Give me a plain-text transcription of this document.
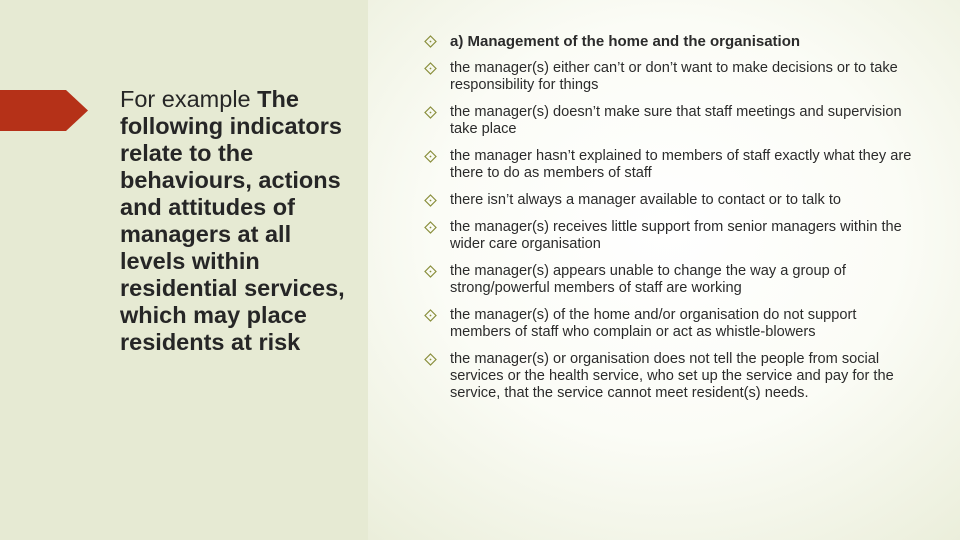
For example The following indicators relate to the behaviours, actions and attitudes of managers at all levels within residential services, which may place residents at risk
a) Management of the home and the organisation
the manager(s) either can’t or don’t want to make decisions or to take responsibility for things
the manager(s) doesn’t make sure that staff meetings and supervision take place
the manager hasn’t explained to members of staff exactly what they are there to do as members of staff
there isn’t always a manager available to contact or to talk to
the manager(s) receives little support from senior managers within the wider care organisation
the manager(s) appears unable to change the way a group of strong/powerful members of staff are working
the manager(s) of the home and/or organisation do not support members of staff who complain or act as whistle-blowers
the manager(s) or organisation does not tell the people from social services or the health service, who set up the service and pay for the service, that the service cannot meet resident(s) needs.
